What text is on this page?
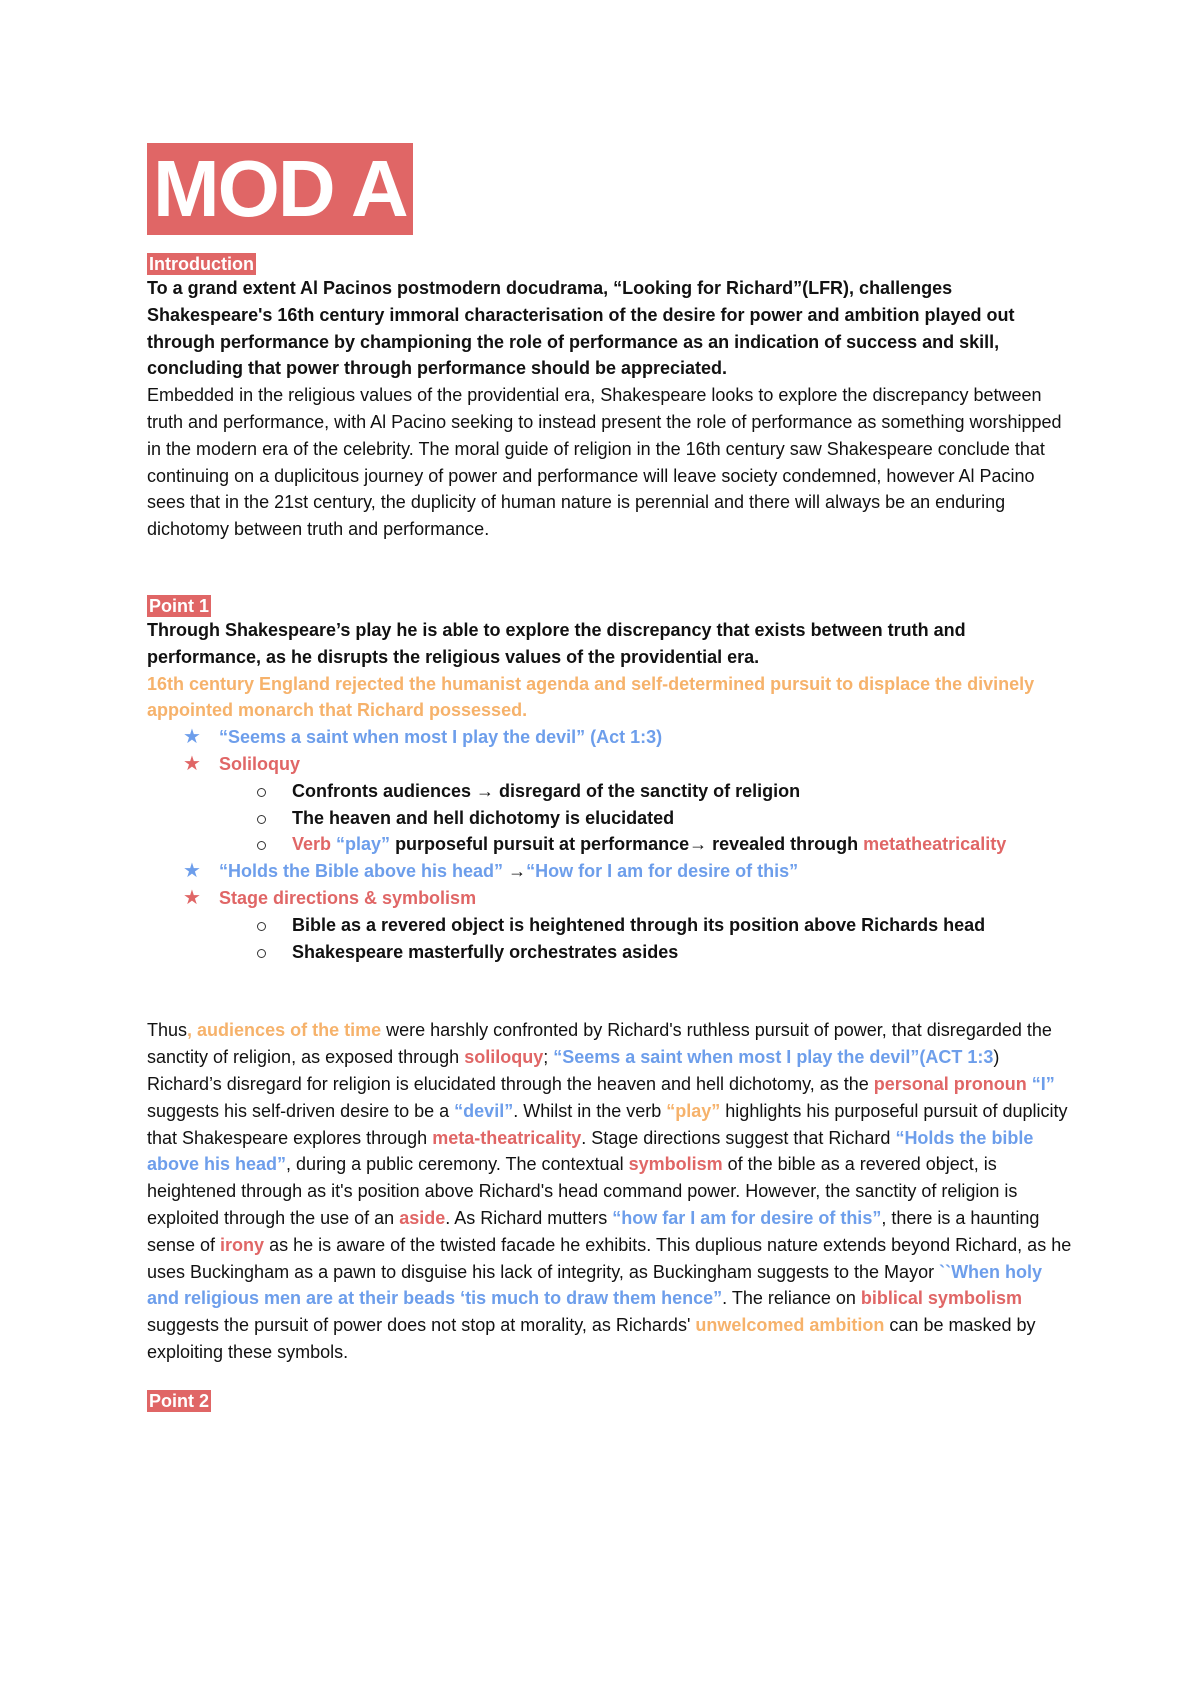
MOD A
Introduction

To a grand extent Al Pacinos postmodern docudrama, “Looking for Richard”(LFR), challenges Shakespeare's 16th century immoral characterisation of the desire for power and ambition played out through performance by championing the role of performance as an indication of success and skill, concluding that power through performance should be appreciated.

Embedded in the religious values of the providential era, Shakespeare looks to explore the discrepancy between truth and performance, with Al Pacino seeking to instead present the role of performance as something worshipped in the modern era of the celebrity. The moral guide of religion in the 16th century saw Shakespeare conclude that continuing on a duplicitous journey of power and performance will leave society condemned, however Al Pacino sees that in the 21st century, the duplicity of human nature is perennial and there will always be an enduring dichotomy between truth and performance.

Point 1

Through Shakespeare’s play he is able to explore the discrepancy that exists between truth and performance, as he disrupts the religious values of the providential era.

16th century England rejected the humanist agenda and self-determined pursuit to displace the divinely appointed monarch that Richard possessed.

★ “Seems a saint when most I play the devil” (Act 1:3)
★ Soliloquy
Confronts audiences → disregard of the sanctity of religion
The heaven and hell dichotomy is elucidated
Verb “play” purposeful pursuit at performance→ revealed through metatheatricality
★ “Holds the Bible above his head” →“How for I am for desire of this”
★ Stage directions & symbolism
Bible as a revered object is heightened through its position above Richards head
Shakespeare masterfully orchestrates asides

Thus, audiences of the time were harshly confronted by Richard's ruthless pursuit of power, that disregarded the sanctity of religion, as exposed through soliloquy; “Seems a saint when most I play the devil”(ACT 1:3) Richard’s disregard for religion is elucidated through the heaven and hell dichotomy, as the personal pronoun “I” suggests his self-driven desire to be a “devil”. Whilst in the verb “play” highlights his purposeful pursuit of duplicity that Shakespeare explores through meta-theatricality. Stage directions suggest that Richard “Holds the bible above his head”, during a public ceremony. The contextual symbolism of the bible as a revered object, is heightened through as it's position above Richard's head command power. However, the sanctity of religion is exploited through the use of an aside. As Richard mutters “how far I am for desire of this”, there is a haunting sense of irony as he is aware of the twisted facade he exhibits. This duplious nature extends beyond Richard, as he uses Buckingham as a pawn to disguise his lack of integrity, as Buckingham suggests to the Mayor ``When holy and religious men are at their beads ‘tis much to draw them hence”. The reliance on biblical symbolism suggests the pursuit of power does not stop at morality, as Richards' unwelcomed ambition can be masked by exploiting these symbols.

Point 2
